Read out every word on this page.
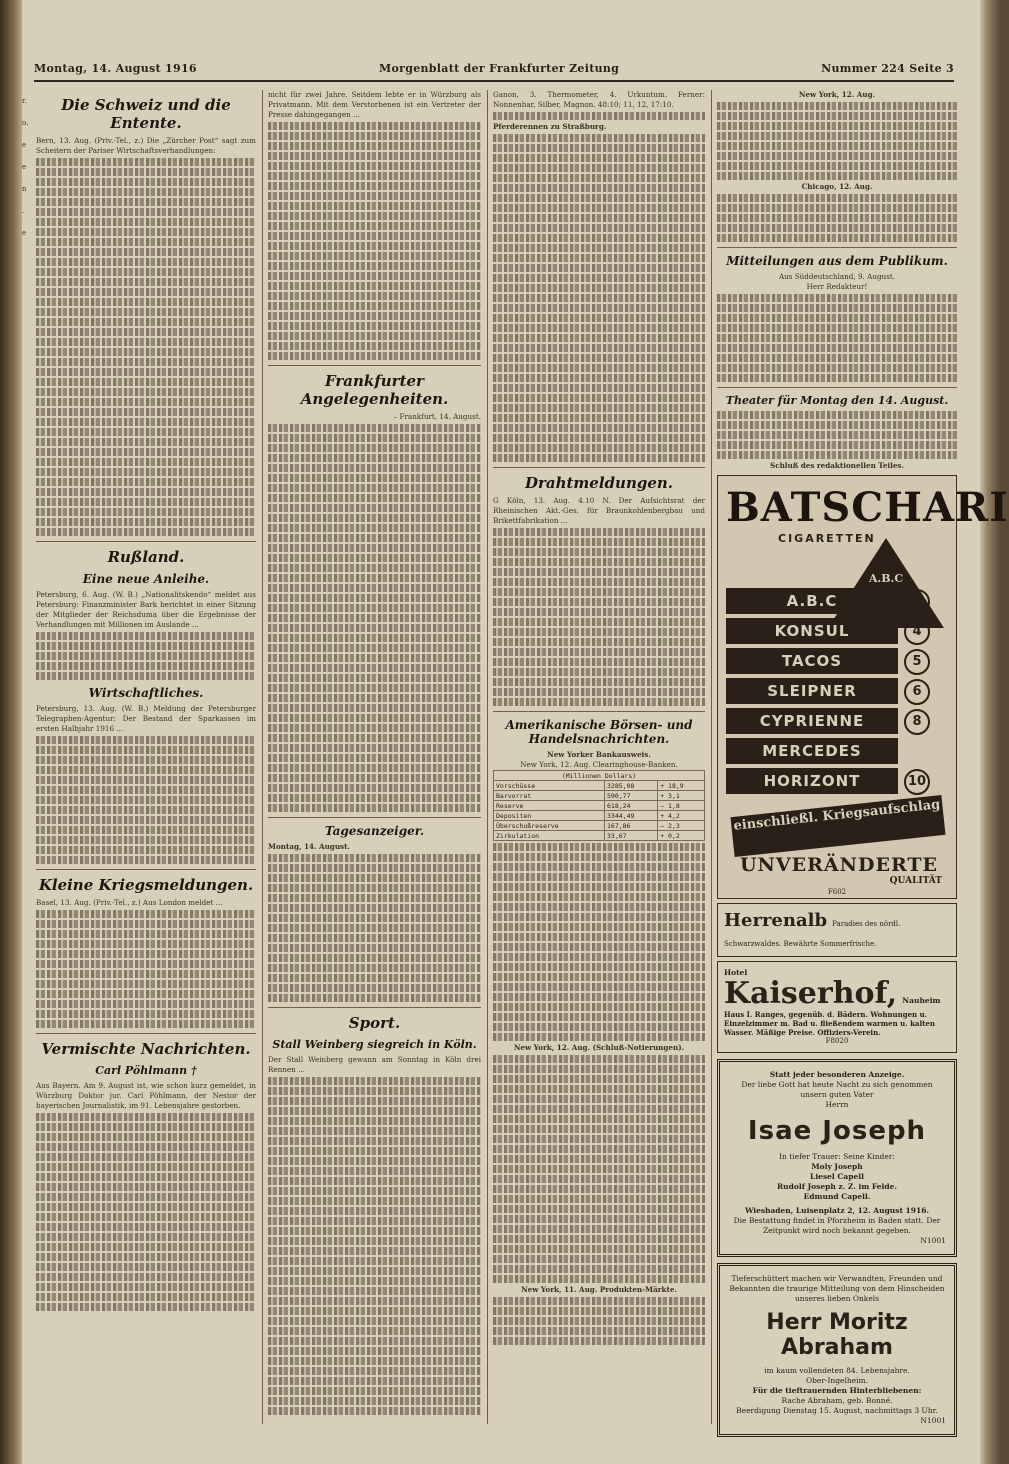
r.
o.
e
e
n
.
e
Montag, 14. August 1916	Morgenblatt der Frankfurter Zeitung	Nummer 224 Seite 3
Die Schweiz und die Entente.

Bern, 13. Aug. (Priv.-Tel., z.) Die „Zürcher Post“ sagt zum Scheitern der Pariser Wirtschaftsverhandlungen:

Rußland.
Eine neue Anleihe.

Petersburg, 6. Aug. (W. B.) „Nationalitskendo“ meldet aus Petersburg: Finanzminister Bark berichtet in einer Sitzung der Mitglieder der Reichsduma über die Ergebnisse der Verhandlungen mit Millionen im Auslande ...

Wirtschaftliches.

Petersburg, 13. Aug. (W. B.) Meldung der Petersburger Telegraphen-Agentur: Der Bestand der Sparkassen im ersten Halbjahr 1916 ...

Kleine Kriegsmeldungen.

Basel, 13. Aug. (Priv.-Tel., z.) Aus London meldet ...

Vermischte Nachrichten.
Carl Pöhlmann †

Aus Bayern. Am 9. August ist, wie schon kurz gemeldet, in Würzburg Doktor jur. Carl Pöhlmann, der Nestor der bayerischen Journalistik, im 91. Lebensjahre gestorben.

nicht für zwei Jahre. Seitdem lebte er in Würzburg als Privatmann. Mit dem Verstorbenen ist ein Vertreter der Presse dahingegangen ...

Frankfurter Angelegenheiten.
– Frankfurt, 14. August.
Tagesanzeiger.
Montag, 14. August.
Sport.
Stall Weinberg siegreich in Köln.

Der Stall Weinberg gewann am Sonntag in Köln drei Rennen ...

Ganon, 3. Thermometer, 4. Urkuntum. Ferner: Nonnenhar, Silber, Magnon. 48:10; 11, 12, 17:10.

Pferderennen zu Straßburg.
Drahtmeldungen.

G Köln, 13. Aug. 4.10 N. Der Aufsichtsrat der Rheinischen Akt.-Ges. für Braunkohlenbergbau und Brikettfabrikation ...

Amerikanische Börsen- und Handelsnachrichten.
New Yorker Bankausweis.
New York, 12. Aug. Clearinghouse-Banken.
(Millionen Dollars)		
Vorschüsse	3285,08	+ 18,9
Barvorrat	590,77	+ 3,1
Reserve	618,24	– 1,8
Depositen	3344,49	+ 4,2
Überschußreserve	167,86	– 2,3
Zirkulation	33,67	+ 0,2
New York, 12. Aug. (Schluß-Notierungen).
New York, 11. Aug. Produkten-Märkte.
New York, 12. Aug.
Chicago, 12. Aug.
Mitteilungen aus dem Publikum.
Aus Süddeutschland, 9. August.
Herr Redakteur!
Theater für Montag den 14. August.
Schluß des redaktionellen Teiles.
BATSCHARI
CIGARETTEN
A.B.C
A.B.C	3
KONSUL	4
TACOS	5
SLEIPNER	6
CYPRIENNE	8
MERCEDES
HORIZONT	10
einschließl. Kriegsaufschlag
UNVERÄNDERTE
QUALITÄT
F602
Herrenalb Paradies des nördl. Schwarzwaldes. Bewährte Sommerfrische.
Hotel
Kaiserhof, Nauheim
Haus I. Ranges, gegenüb. d. Bädern. Wohnungen u. Einzelzimmer m. Bad u. fließendem warmen u. kalten Wasser. Mäßige Preise. Offiziers-Verein.
F8020
Statt jeder besonderen Anzeige.
Der liebe Gott hat heute Nacht zu sich genommen unsern guten Vater
Herrn
Isae Joseph
In tiefer Trauer: Seine Kinder:
Moly Joseph
Liesel Capell
Rudolf Joseph z. Z. im Felde.
Edmund Capell.
Wiesbaden, Luisenplatz 2, 12. August 1916.
Die Bestattung findet in Pforzheim in Baden statt. Der Zeitpunkt wird noch bekannt gegeben.
N1001
Tieferschüttert machen wir Verwandten, Freunden und Bekannten die traurige Mitteilung von dem Hinscheiden unseres lieben Onkels
Herr Moritz Abraham
im kaum vollendeten 84. Lebensjahre.
Ober-Ingelheim.
Für die tieftrauernden Hinterbliebenen:
Rache Abraham, geb. Bonné.
Beerdigung Dienstag 15. August, nachmittags 3 Uhr.
N1001
